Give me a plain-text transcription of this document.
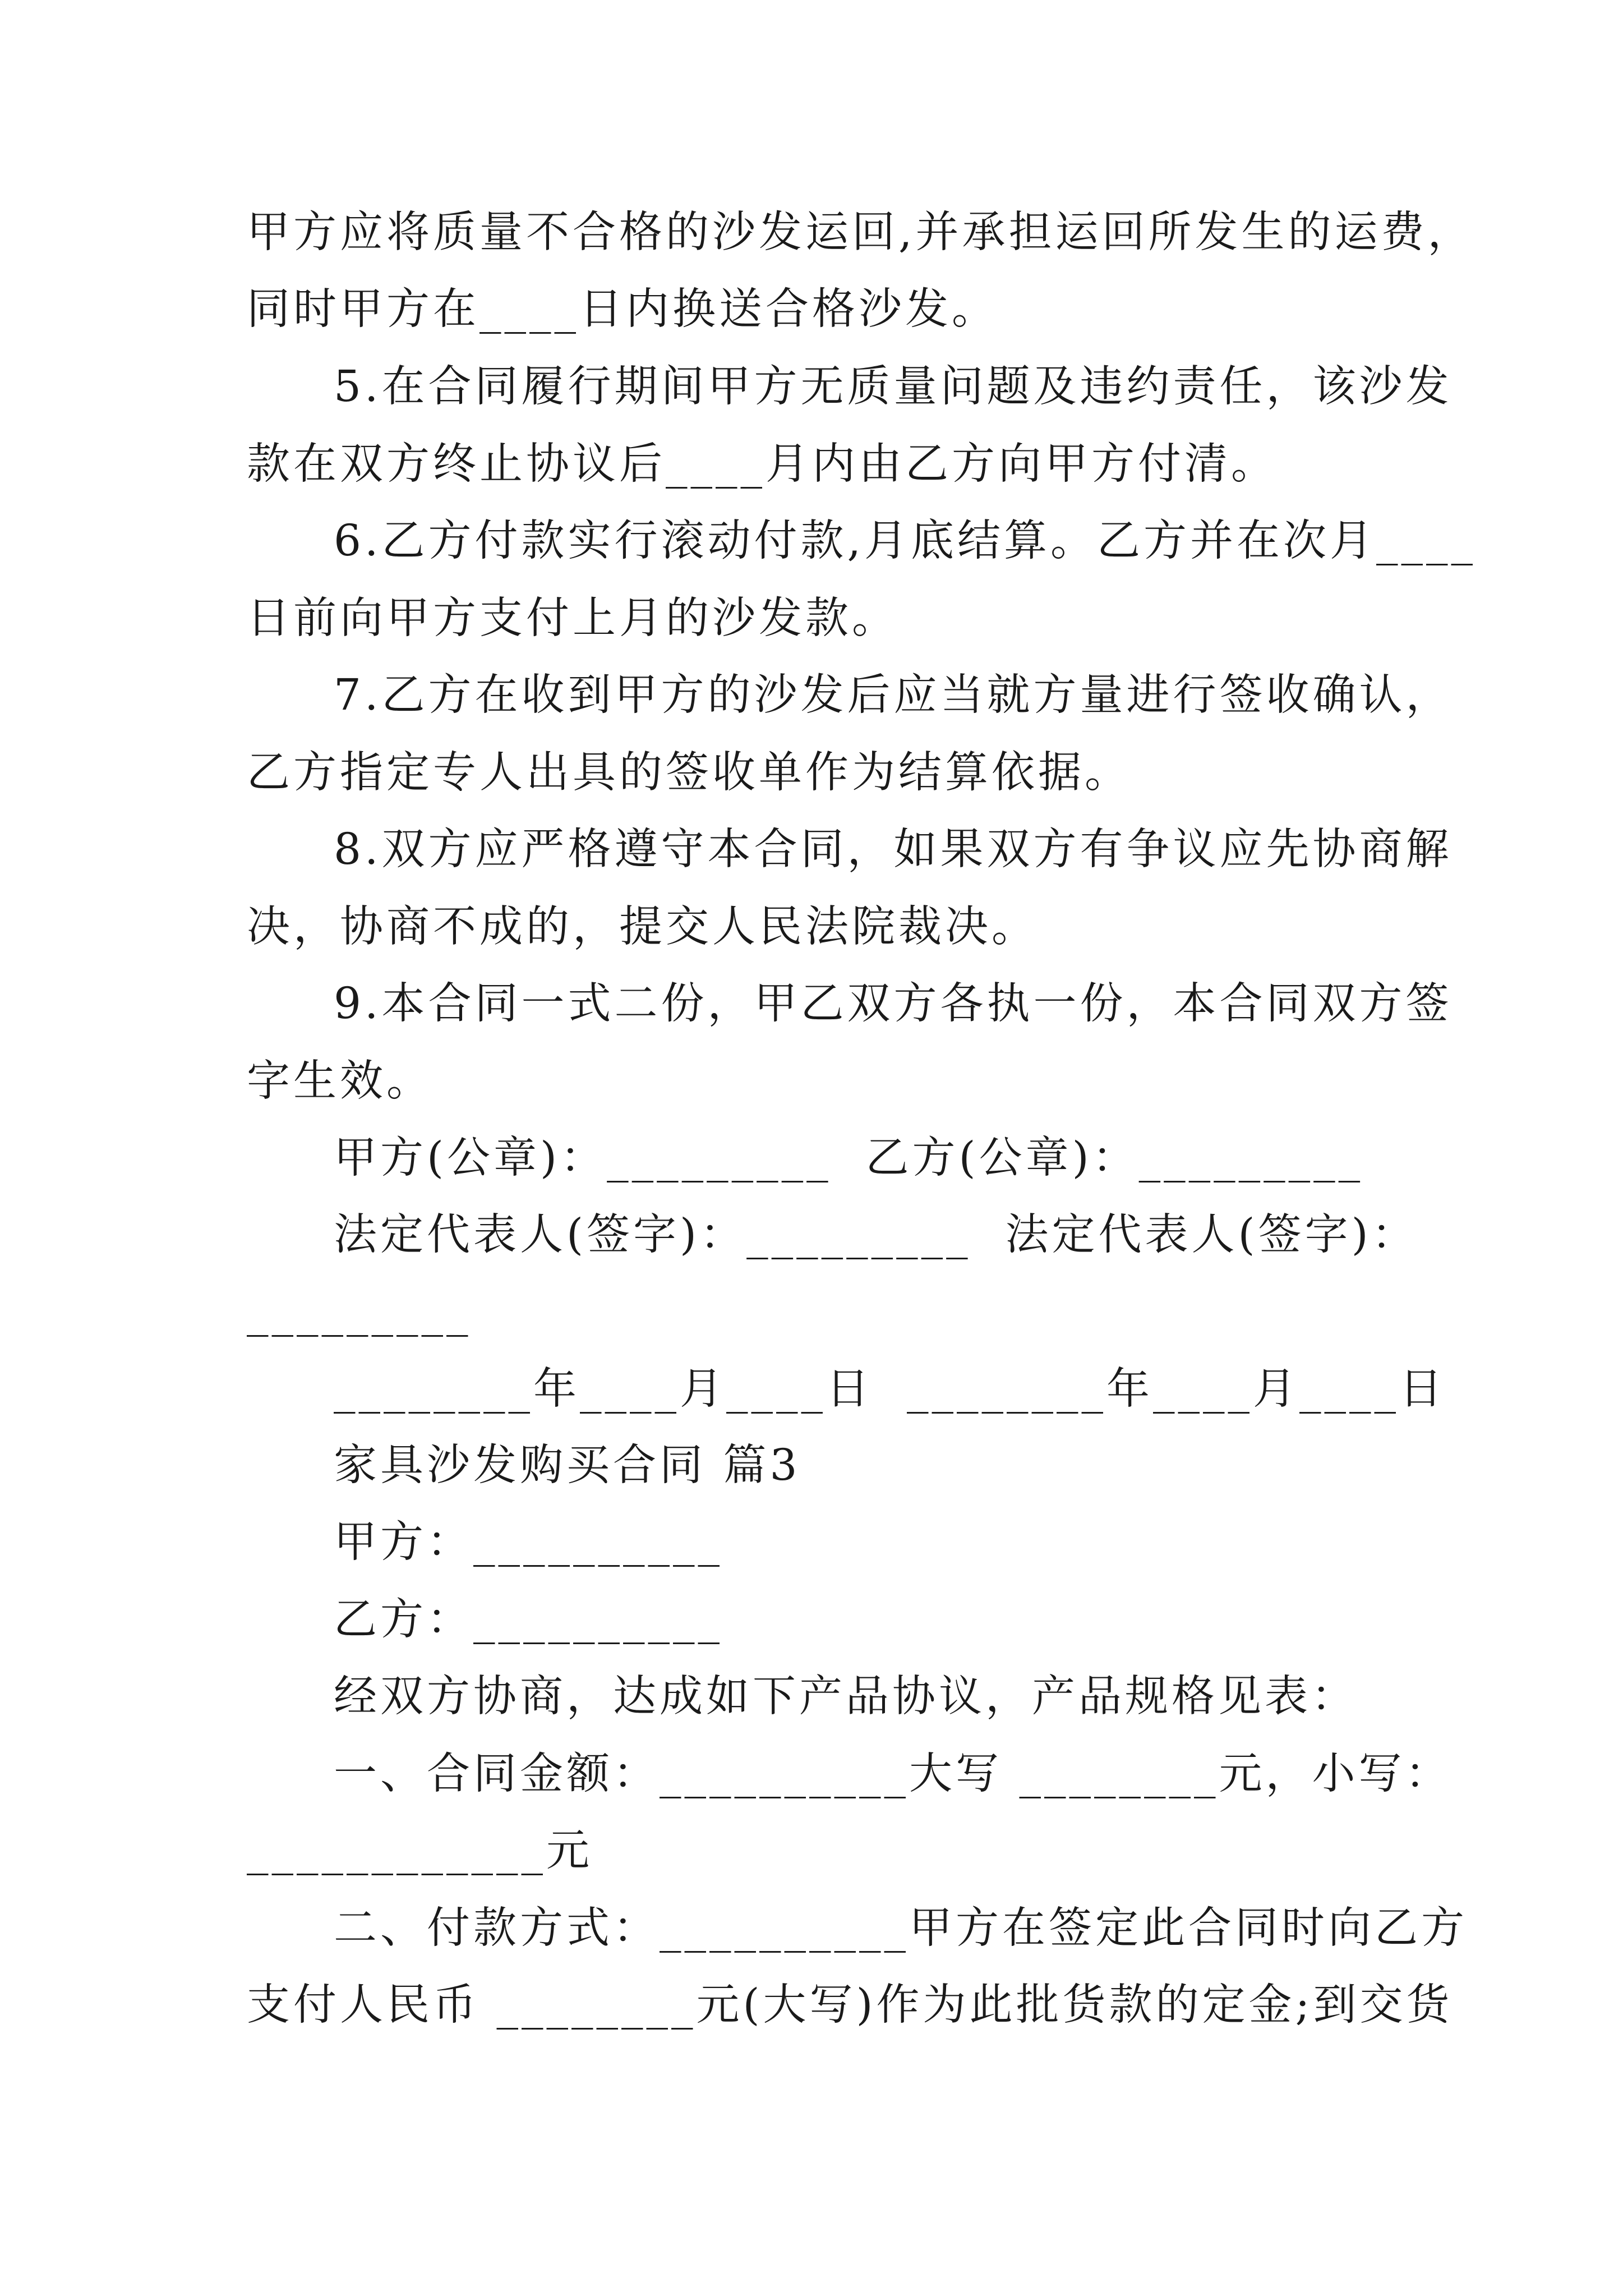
甲方应将质量不合格的沙发运回,并承担运回所发生的运费，
同时甲方在____日内换送合格沙发。
5.在合同履行期间甲方无质量问题及违约责任，该沙发
款在双方终止协议后____月内由乙方向甲方付清。
6.乙方付款实行滚动付款,月底结算。乙方并在次月____
日前向甲方支付上月的沙发款。
7.乙方在收到甲方的沙发后应当就方量进行签收确认，
乙方指定专人出具的签收单作为结算依据。
8.双方应严格遵守本合同，如果双方有争议应先协商解
决，协商不成的，提交人民法院裁决。
9.本合同一式二份，甲乙双方各执一份，本合同双方签
字生效。
甲方(公章)：_________  乙方(公章)：_________
法定代表人(签字)：_________  法定代表人(签字)：
_________
________年____月____日  ________年____月____日
家具沙发购买合同 篇3
甲方：__________
乙方：__________
经双方协商，达成如下产品协议，产品规格见表：
一、合同金额：__________大写 ________元，小写：
____________元
二、付款方式：__________甲方在签定此合同时向乙方
支付人民币 ________元(大写)作为此批货款的定金;到交货
